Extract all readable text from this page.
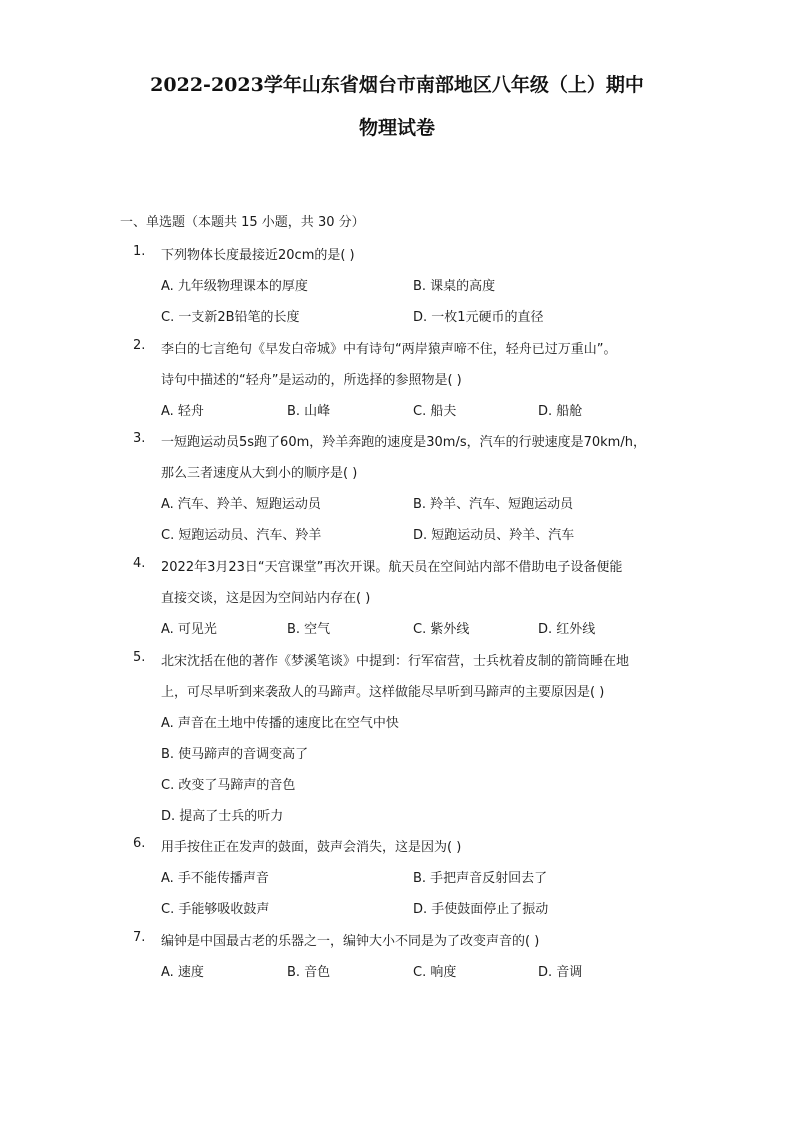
2022-2023学年山东省烟台市南部地区八年级（上）期中
物理试卷
一、单选题（本题共 15 小题，共 30 分）
1. 下列物体长度最接近20cm的是( )
A. 九年级物理课本的厚度	B. 课桌的高度
C. 一支新2B铅笔的长度	D. 一枚1元硬币的直径
2. 李白的七言绝句《早发白帝城》中有诗句“两岸猿声啼不住，轻舟已过万重山”。
诗句中描述的“轻舟”是运动的，所选择的参照物是( )
A. 轻舟	B. 山峰	C. 船夫	D. 船舱
3. 一短跑运动员5s跑了60m，羚羊奔跑的速度是30m/s，汽车的行驶速度是70km/h，
那么三者速度从大到小的顺序是( )
A. 汽车、羚羊、短跑运动员	B. 羚羊、汽车、短跑运动员
C. 短跑运动员、汽车、羚羊	D. 短跑运动员、羚羊、汽车
4. 2022年3月23日“天宫课堂”再次开课。航天员在空间站内部不借助电子设备便能
直接交谈，这是因为空间站内存在( )
A. 可见光	B. 空气	C. 紫外线	D. 红外线
5. 北宋沈括在他的著作《梦溪笔谈》中提到：行军宿营，士兵枕着皮制的箭筒睡在地
上，可尽早听到来袭敌人的马蹄声。这样做能尽早听到马蹄声的主要原因是( )
A. 声音在土地中传播的速度比在空气中快
B. 使马蹄声的音调变高了
C. 改变了马蹄声的音色
D. 提高了士兵的听力
6. 用手按住正在发声的鼓面，鼓声会消失，这是因为( )
A. 手不能传播声音	B. 手把声音反射回去了
C. 手能够吸收鼓声	D. 手使鼓面停止了振动
7. 编钟是中国最古老的乐器之一，编钟大小不同是为了改变声音的( )
A. 速度	B. 音色	C. 响度	D. 音调
